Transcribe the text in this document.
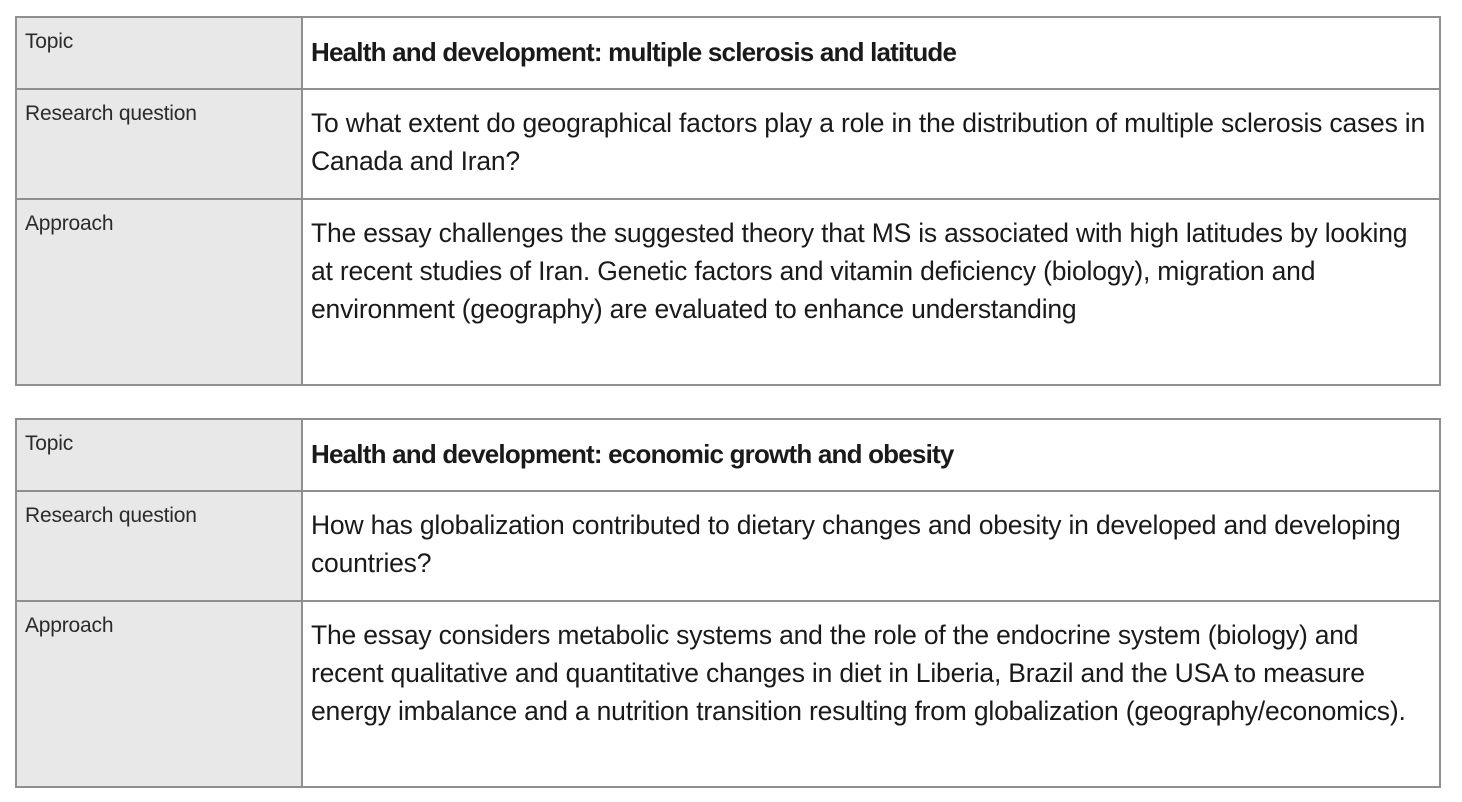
Topic	Health and development: multiple sclerosis and latitude
Research question	To what extent do geographical factors play a role in the distribution of multiple sclerosis cases in Canada and Iran?
Approach	The essay challenges the suggested theory that MS is associated with high latitudes by looking at recent studies of Iran. Genetic factors and vitamin deficiency (biology), migration and environment (geography) are evaluated to enhance understanding
Topic	Health and development: economic growth and obesity
Research question	How has globalization contributed to dietary changes and obesity in developed and developing countries?
Approach	The essay considers metabolic systems and the role of the endocrine system (biology) and recent qualitative and quantitative changes in diet in Liberia, Brazil and the USA to measure energy imbalance and a nutrition transition resulting from globalization (geography/economics).
